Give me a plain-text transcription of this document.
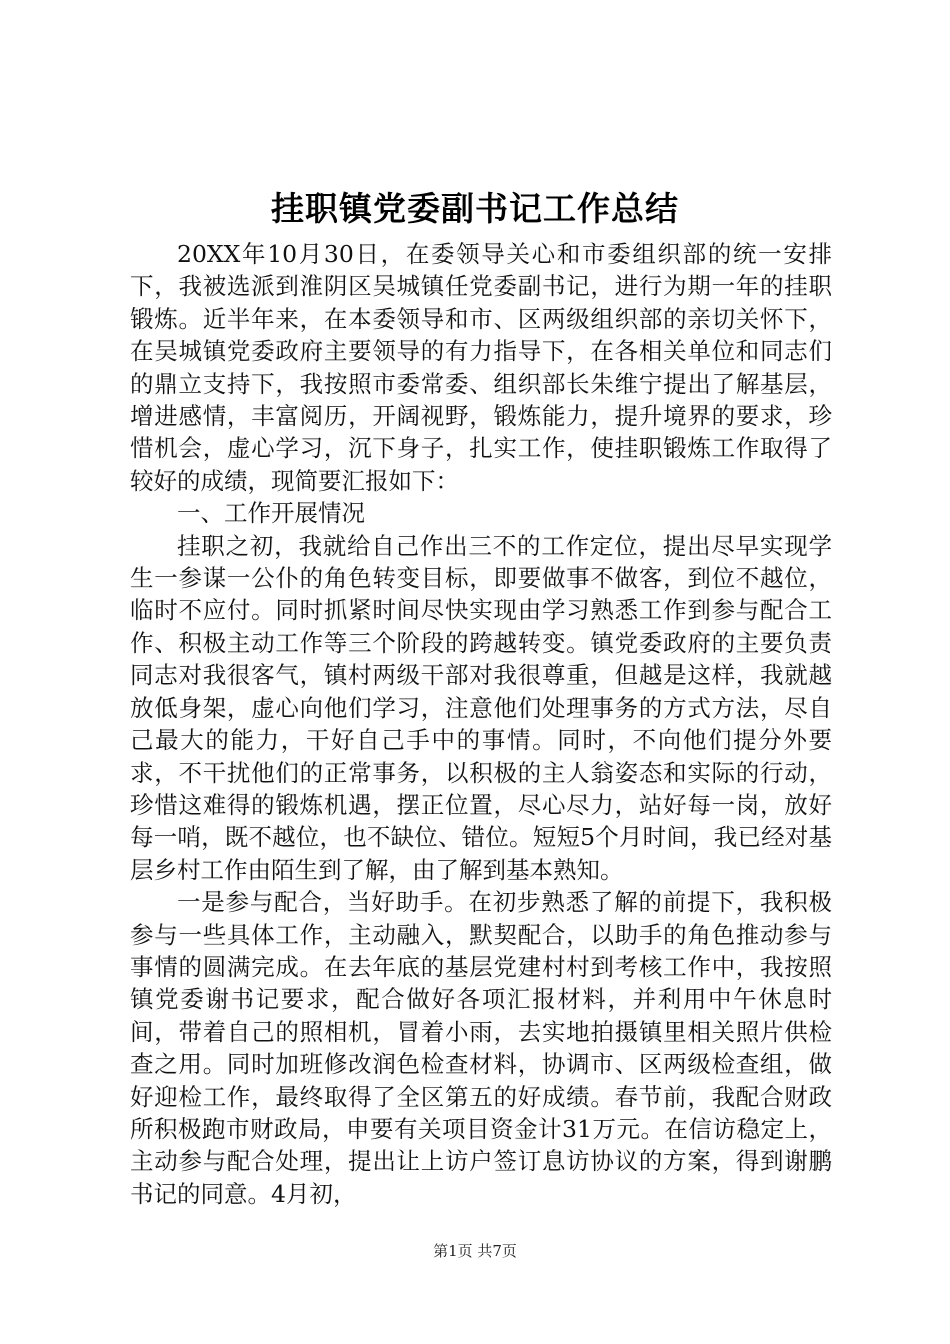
挂职镇党委副书记工作总结

20XX年10月30日，在委领导关心和市委组织部的统一安排下，我被选派到淮阴区吴城镇任党委副书记，进行为期一年的挂职锻炼。近半年来，在本委领导和市、区两级组织部的亲切关怀下，在吴城镇党委政府主要领导的有力指导下，在各相关单位和同志们的鼎立支持下，我按照市委常委、组织部长朱维宁提出了解基层，增进感情，丰富阅历，开阔视野，锻炼能力，提升境界的要求，珍惜机会，虚心学习，沉下身子，扎实工作，使挂职锻炼工作取得了较好的成绩，现简要汇报如下：

一、工作开展情况

挂职之初，我就给自己作出三不的工作定位，提出尽早实现学生一参谋一公仆的角色转变目标，即要做事不做客，到位不越位，临时不应付。同时抓紧时间尽快实现由学习熟悉工作到参与配合工作、积极主动工作等三个阶段的跨越转变。镇党委政府的主要负责同志对我很客气，镇村两级干部对我很尊重，但越是这样，我就越放低身架，虚心向他们学习，注意他们处理事务的方式方法，尽自己最大的能力，干好自己手中的事情。同时，不向他们提分外要求，不干扰他们的正常事务，以积极的主人翁姿态和实际的行动，珍惜这难得的锻炼机遇，摆正位置，尽心尽力，站好每一岗，放好每一哨，既不越位，也不缺位、错位。短短5个月时间，我已经对基层乡村工作由陌生到了解，由了解到基本熟知。

一是参与配合，当好助手。在初步熟悉了解的前提下，我积极参与一些具体工作，主动融入，默契配合，以助手的角色推动参与事情的圆满完成。在去年底的基层党建村村到考核工作中，我按照镇党委谢书记要求，配合做好各项汇报材料，并利用中午休息时间，带着自己的照相机，冒着小雨，去实地拍摄镇里相关照片供检查之用。同时加班修改润色检查材料，协调市、区两级检查组，做好迎检工作，最终取得了全区第五的好成绩。春节前，我配合财政所积极跑市财政局，申要有关项目资金计31万元。在信访稳定上，主动参与配合处理，提出让上访户签订息访协议的方案，得到谢鹏书记的同意。4月初，

第1页 共7页
